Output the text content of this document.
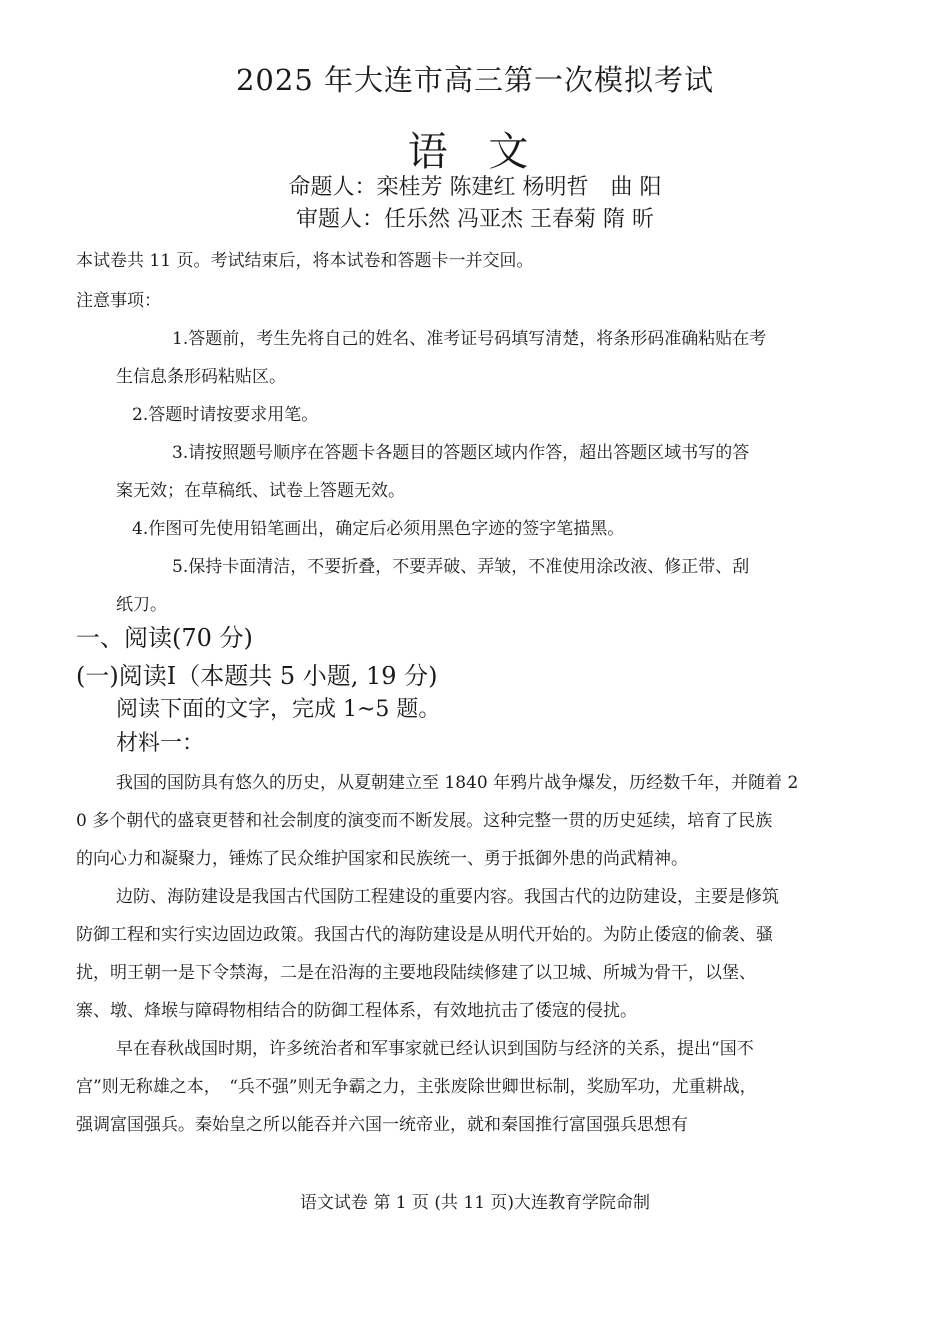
2025 年大连市高三第一次模拟考试
语 文
命题人：栾桂芳 陈建红 杨明哲　曲 阳
审题人：任乐然 冯亚杰 王春菊 隋 昕
本试卷共 11 页。考试结束后，将本试卷和答题卡一并交回。
注意事项：
1.答题前，考生先将自己的姓名、准考证号码填写清楚，将条形码准确粘贴在考
生信息条形码粘贴区。
2.答题时请按要求用笔。
3.请按照题号顺序在答题卡各题目的答题区域内作答，超出答题区域书写的答
案无效；在草稿纸、试卷上答题无效。
4.作图可先使用铅笔画出，确定后必须用黑色字迹的签字笔描黑。
5.保持卡面清洁，不要折叠，不要弄破、弄皱，不准使用涂改液、修正带、刮
纸刀。
一、阅读(70 分)
(一)阅读Ⅰ（本题共 5 小题, 19 分)
阅读下面的文字，完成 1~5 题。
材料一：
我国的国防具有悠久的历史，从夏朝建立至 1840 年鸦片战争爆发，历经数千年，并随着 2
0 多个朝代的盛衰更替和社会制度的演变而不断发展。这种完整一贯的历史延续，培育了民族
的向心力和凝聚力，锤炼了民众维护国家和民族统一、勇于抵御外患的尚武精神。
边防、海防建设是我国古代国防工程建设的重要内容。我国古代的边防建设，主要是修筑
防御工程和实行实边固边政策。我国古代的海防建设是从明代开始的。为防止倭寇的偷袭、骚
扰，明王朝一是下令禁海，二是在沿海的主要地段陆续修建了以卫城、所城为骨干，以堡、
寨、墩、烽堠与障碍物相结合的防御工程体系，有效地抗击了倭寇的侵扰。
早在春秋战国时期，许多统治者和军事家就已经认识到国防与经济的关系，提出“国不
宫”则无称雄之本，　“兵不强”则无争霸之力，主张废除世卿世标制，奖励军功，尤重耕战，
强调富国强兵。秦始皇之所以能吞并六国一统帝业，就和秦国推行富国强兵思想有
语文试卷 第 1 页 (共 11 页)大连教育学院命制
